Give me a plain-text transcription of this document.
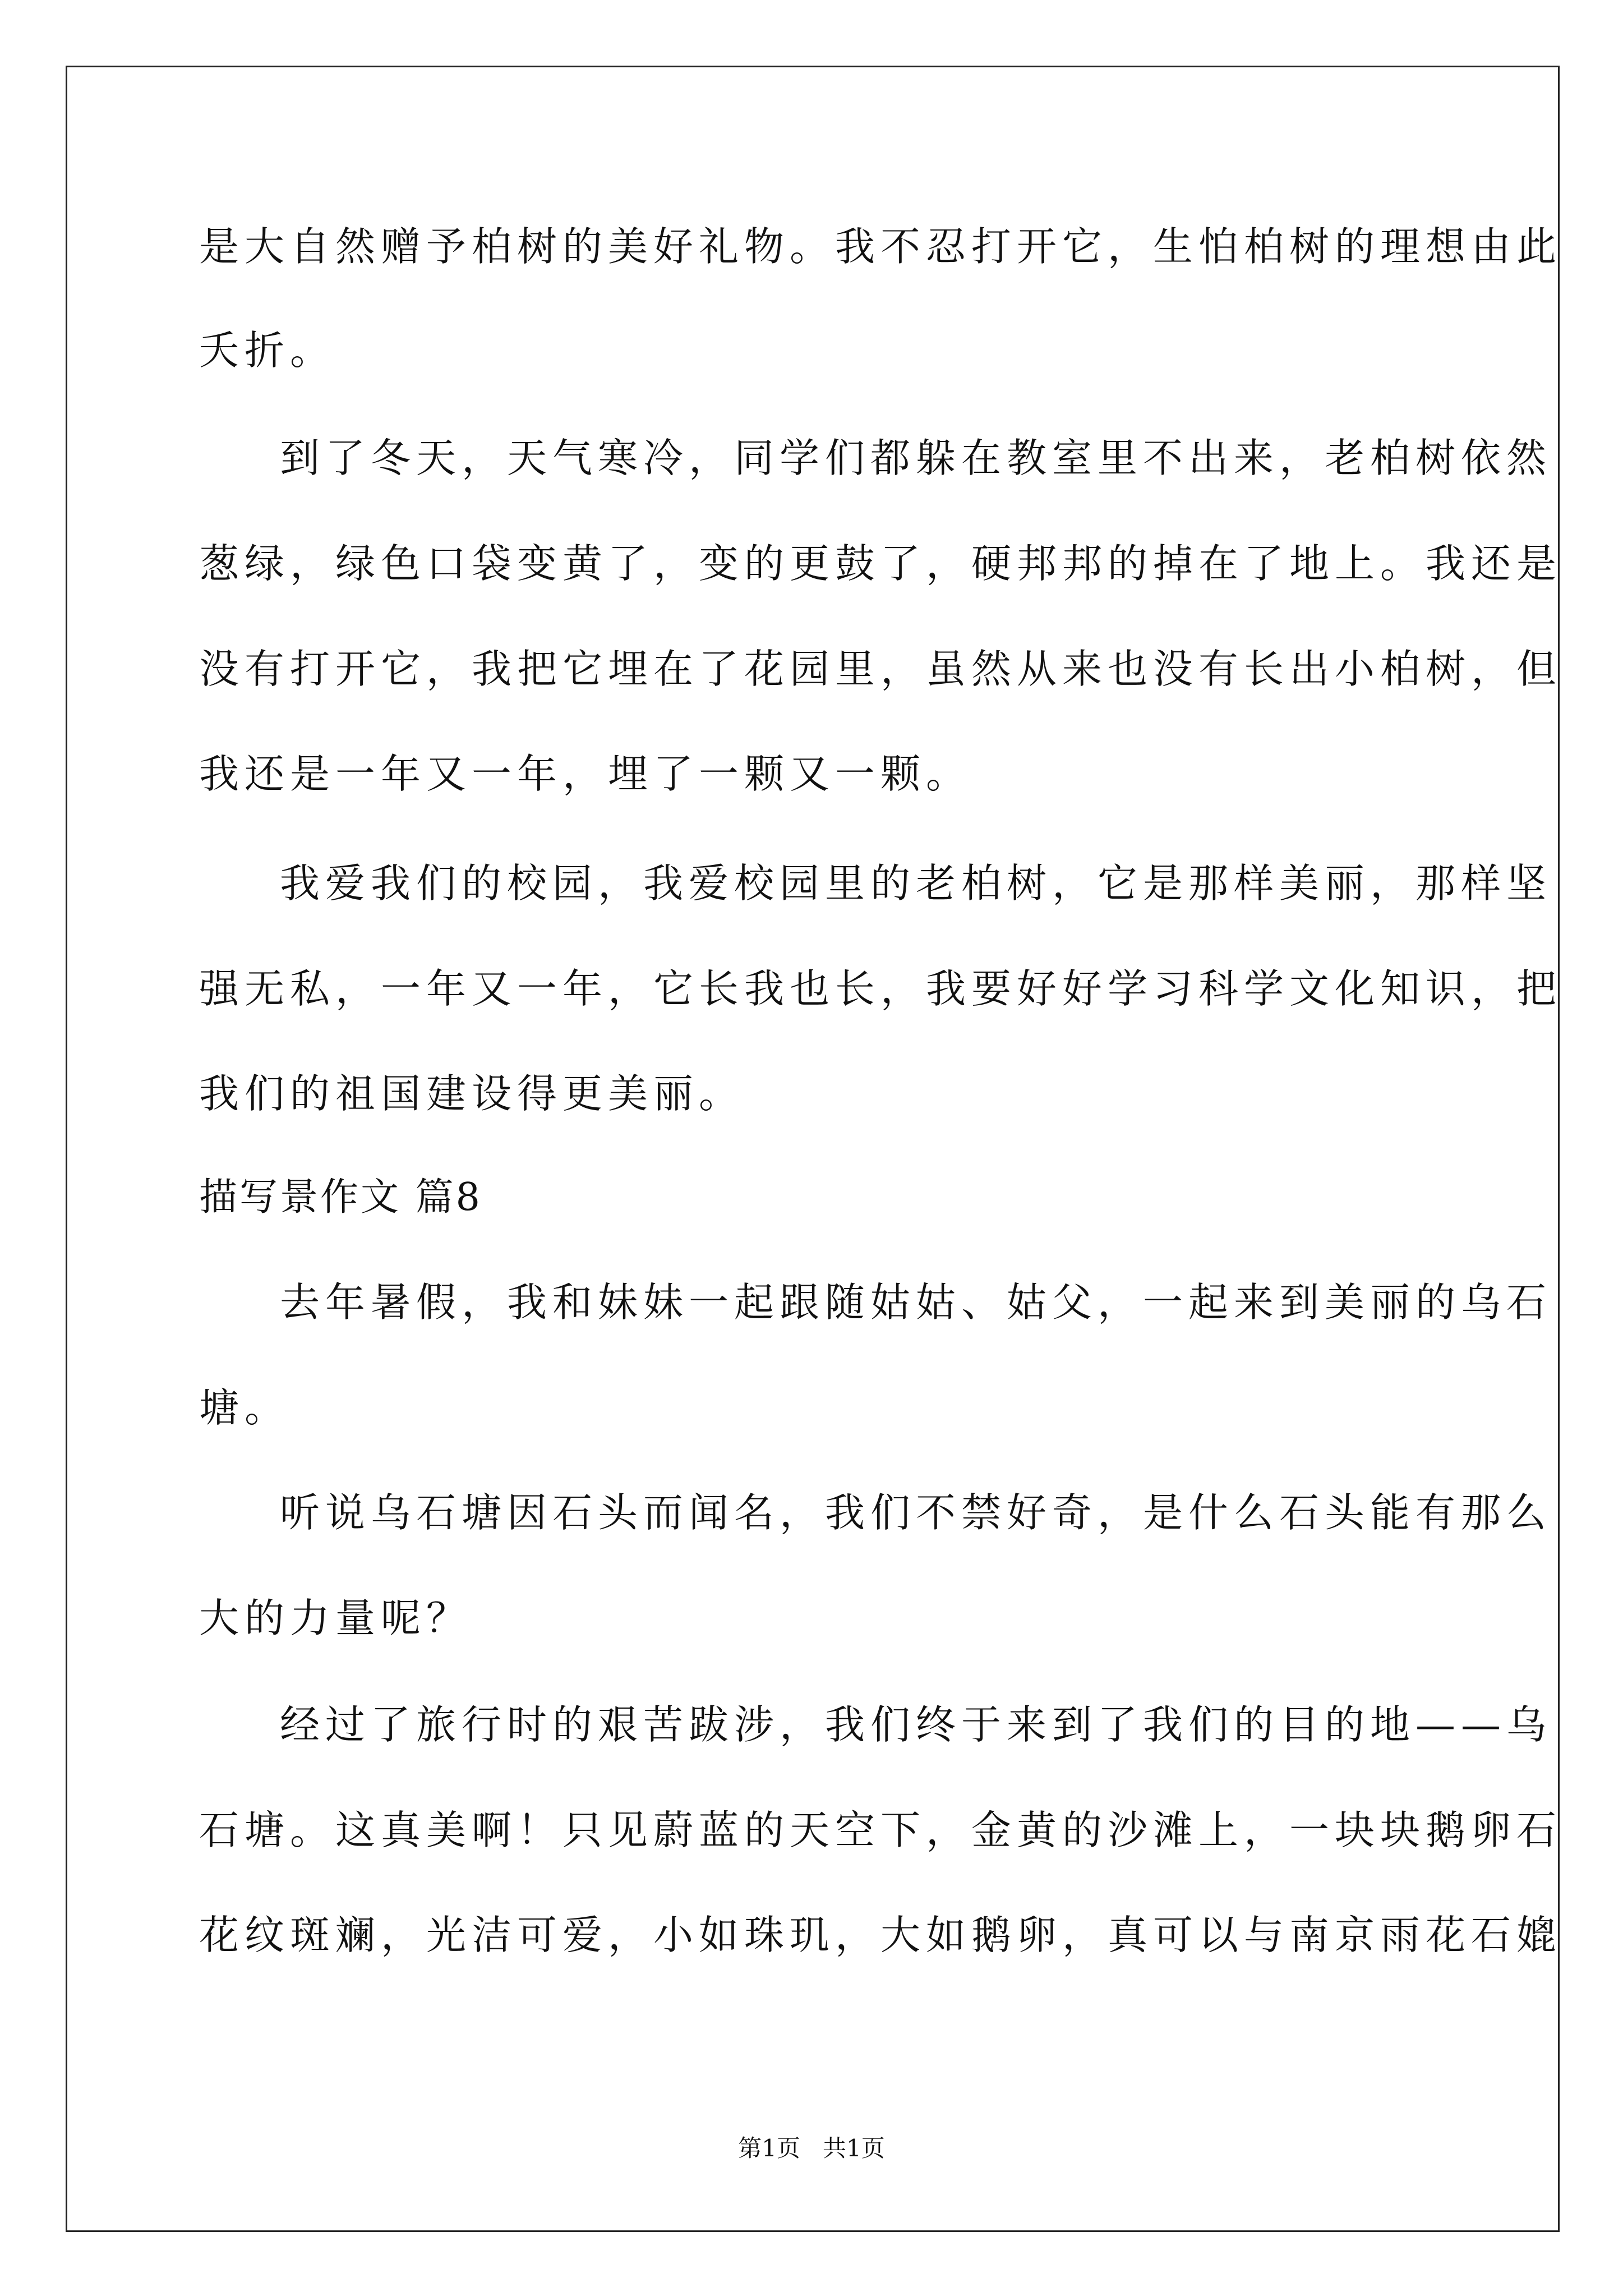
是大自然赠予柏树的美好礼物。我不忍打开它，生怕柏树的理想由此
夭折。
到了冬天，天气寒冷，同学们都躲在教室里不出来，老柏树依然
葱绿，绿色口袋变黄了，变的更鼓了，硬邦邦的掉在了地上。我还是
没有打开它，我把它埋在了花园里，虽然从来也没有长出小柏树，但
我还是一年又一年，埋了一颗又一颗。
我爱我们的校园，我爱校园里的老柏树，它是那样美丽，那样坚
强无私，一年又一年，它长我也长，我要好好学习科学文化知识，把
我们的祖国建设得更美丽。
描写景作文 篇8
去年暑假，我和妹妹一起跟随姑姑、姑父，一起来到美丽的乌石
塘。
听说乌石塘因石头而闻名，我们不禁好奇，是什么石头能有那么
大的力量呢？
经过了旅行时的艰苦跋涉，我们终于来到了我们的目的地——乌
石塘。这真美啊！只见蔚蓝的天空下，金黄的沙滩上，一块块鹅卵石
花纹斑斓，光洁可爱，小如珠玑，大如鹅卵，真可以与南京雨花石媲
第1页   共1页
